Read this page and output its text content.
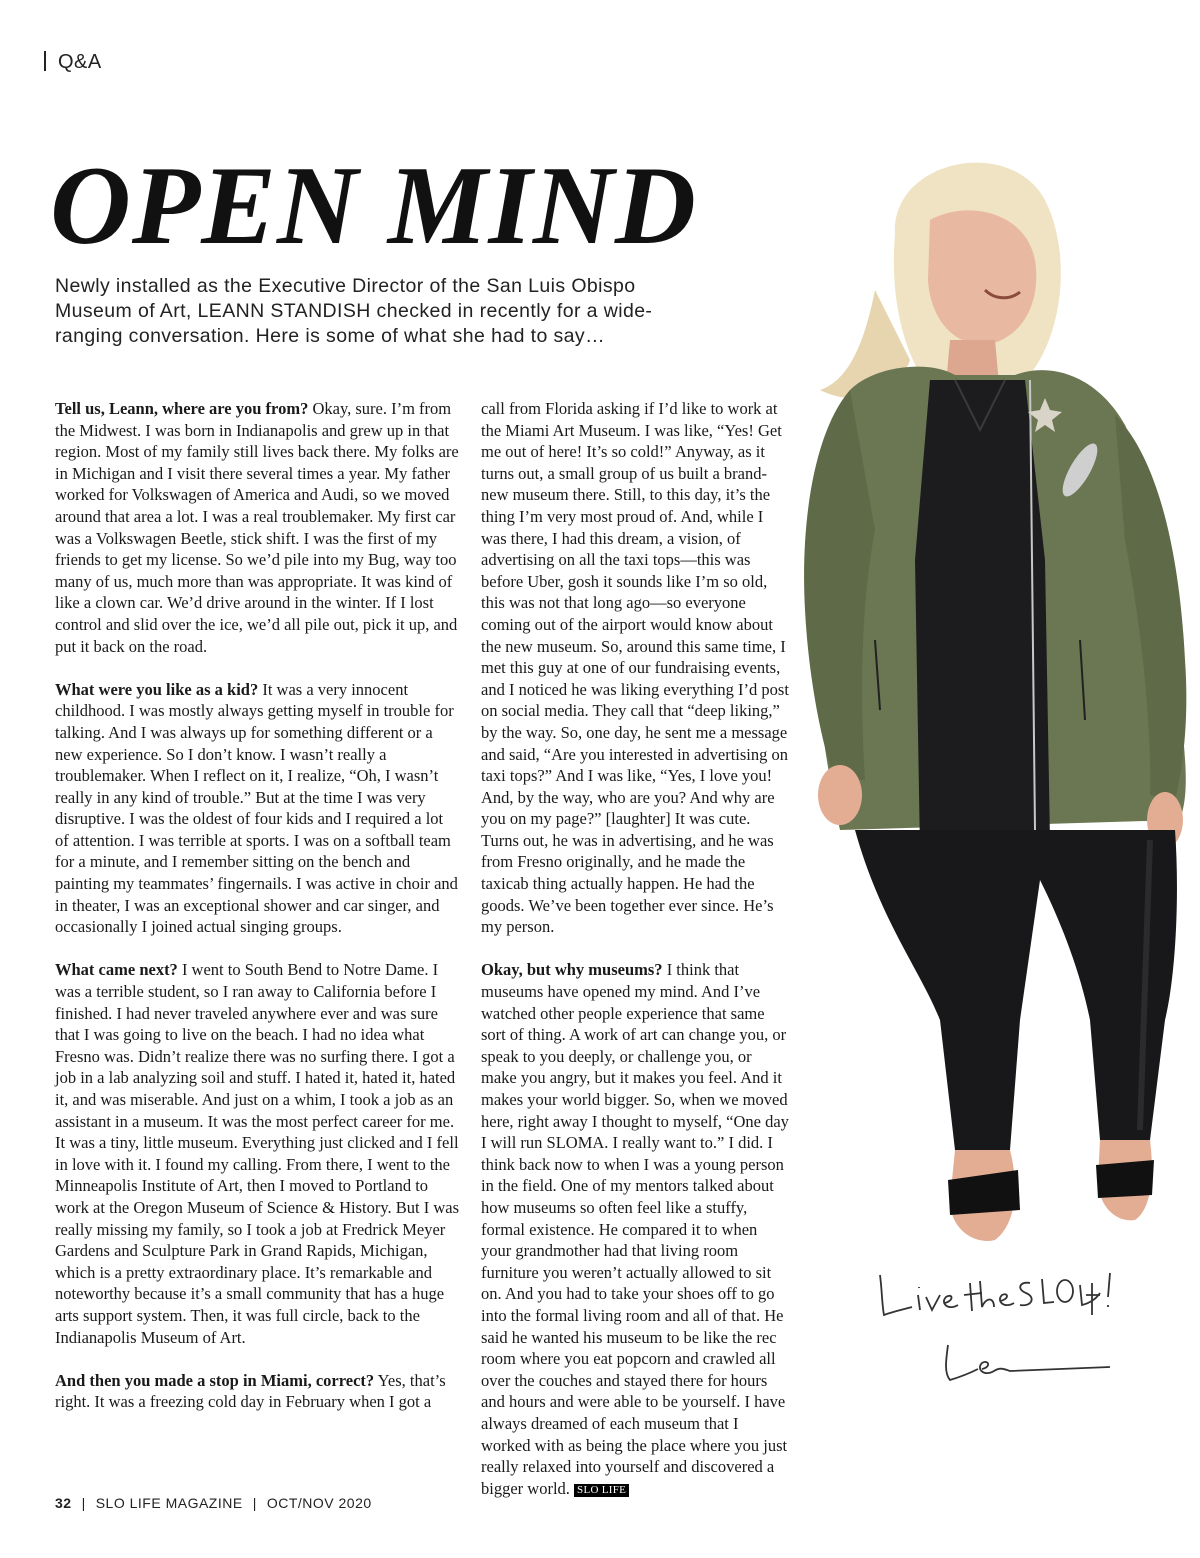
Q&A
OPEN MIND

Newly installed as the Executive Director of the San Luis Obispo Museum of Art, LEANN STANDISH checked in recently for a wide-ranging conversation. Here is some of what she had to say…

Tell us, Leann, where are you from? Okay, sure. I’m from the Midwest. I was born in Indianapolis and grew up in that region. Most of my family still lives back there. My folks are in Michigan and I visit there several times a year. My father worked for Volkswagen of America and Audi, so we moved around that area a lot. I was a real troublemaker. My first car was a Volkswagen Beetle, stick shift. I was the first of my friends to get my license. So we’d pile into my Bug, way too many of us, much more than was appropriate. It was kind of like a clown car. We’d drive around in the winter. If I lost control and slid over the ice, we’d all pile out, pick it up, and put it back on the road.

What were you like as a kid? It was a very innocent childhood. I was mostly always getting myself in trouble for talking. And I was always up for something different or a new experience. So I don’t know. I wasn’t really a troublemaker. When I reflect on it, I realize, “Oh, I wasn’t really in any kind of trouble.” But at the time I was very disruptive. I was the oldest of four kids and I required a lot of attention. I was terrible at sports. I was on a softball team for a minute, and I remember sitting on the bench and painting my teammates’ fingernails. I was active in choir and in theater, I was an exceptional shower and car singer, and occasionally I joined actual singing groups.

What came next? I went to South Bend to Notre Dame. I was a terrible student, so I ran away to California before I finished. I had never traveled anywhere ever and was sure that I was going to live on the beach. I had no idea what Fresno was. Didn’t realize there was no surfing there. I got a job in a lab analyzing soil and stuff. I hated it, hated it, hated it, and was miserable. And just on a whim, I took a job as an assistant in a museum. It was the most perfect career for me. It was a tiny, little museum. Everything just clicked and I fell in love with it. I found my calling. From there, I went to the Minneapolis Institute of Art, then I moved to Portland to work at the Oregon Museum of Science & History. But I was really missing my family, so I took a job at Fredrick Meyer Gardens and Sculpture Park in Grand Rapids, Michigan, which is a pretty extraordinary place. It’s remarkable and noteworthy because it’s a small community that has a huge arts support system. Then, it was full circle, back to the Indianapolis Museum of Art.

And then you made a stop in Miami, correct? Yes, that’s right. It was a freezing cold day in February when I got a

call from Florida asking if I’d like to work at the Miami Art Museum. I was like, “Yes! Get me out of here! It’s so cold!” Anyway, as it turns out, a small group of us built a brand-new museum there. Still, to this day, it’s the thing I’m very most proud of. And, while I was there, I had this dream, a vision, of advertising on all the taxi tops—this was before Uber, gosh it sounds like I’m so old, this was not that long ago—so everyone coming out of the airport would know about the new museum. So, around this same time, I met this guy at one of our fundraising events, and I noticed he was liking everything I’d post on social media. They call that “deep liking,” by the way. So, one day, he sent me a message and said, “Are you interested in advertising on taxi tops?” And I was like, “Yes, I love you! And, by the way, who are you? And why are you on my page?” [laughter] It was cute. Turns out, he was in advertising, and he was from Fresno originally, and he made the taxicab thing actually happen. He had the goods. We’ve been together ever since. He’s my person.

Okay, but why museums? I think that museums have opened my mind. And I’ve watched other people experience that same sort of thing. A work of art can change you, or speak to you deeply, or challenge you, or make you angry, but it makes you feel. And it makes your world bigger. So, when we moved here, right away I thought to myself, “One day I will run SLOMA. I really want to.” I did. I think back now to when I was a young person in the field. One of my mentors talked about how museums so often feel like a stuffy, formal existence. He compared it to when your grandmother had that living room furniture you weren’t actually allowed to sit on. And you had to take your shoes off to go into the formal living room and all of that. He said he wanted his museum to be like the rec room where you eat popcorn and crawled all over the couches and stayed there for hours and hours and were able to be yourself. I have always dreamed of each museum that I worked with as being the place where you just really relaxed into yourself and discovered a bigger world. SLO LIFE

32 | SLO LIFE MAGAZINE | OCT/NOV 2020
